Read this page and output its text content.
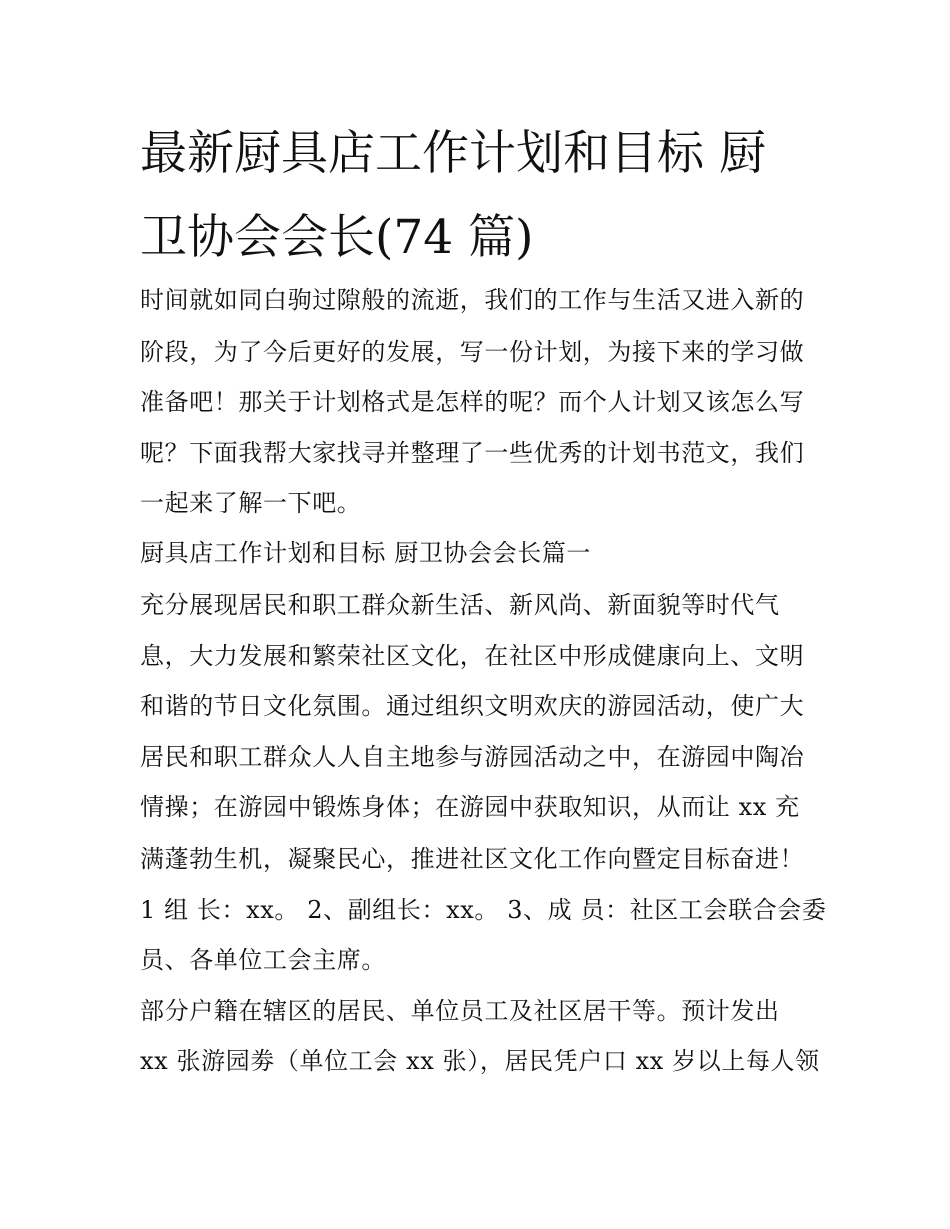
最新厨具店工作计划和目标 厨
卫协会会长(74 篇)

时间就如同白驹过隙般的流逝，我们的工作与生活又进入新的

阶段，为了今后更好的发展，写一份计划，为接下来的学习做

准备吧！那关于计划格式是怎样的呢？而个人计划又该怎么写

呢？下面我帮大家找寻并整理了一些优秀的计划书范文，我们

一起来了解一下吧。

厨具店工作计划和目标 厨卫协会会长篇一

充分展现居民和职工群众新生活、新风尚、新面貌等时代气

息，大力发展和繁荣社区文化，在社区中形成健康向上、文明

和谐的节日文化氛围。通过组织文明欢庆的游园活动，使广大

居民和职工群众人人自主地参与游园活动之中，在游园中陶冶

情操；在游园中锻炼身体；在游园中获取知识，从而让 xx 充

满蓬勃生机，凝聚民心，推进社区文化工作向暨定目标奋进！

1 组 长：xx。 2、副组长：xx。 3、成 员：社区工会联合会委

员、各单位工会主席。

部分户籍在辖区的居民、单位员工及社区居干等。预计发出

xx 张游园劵（单位工会 xx 张），居民凭户口 xx 岁以上每人领
